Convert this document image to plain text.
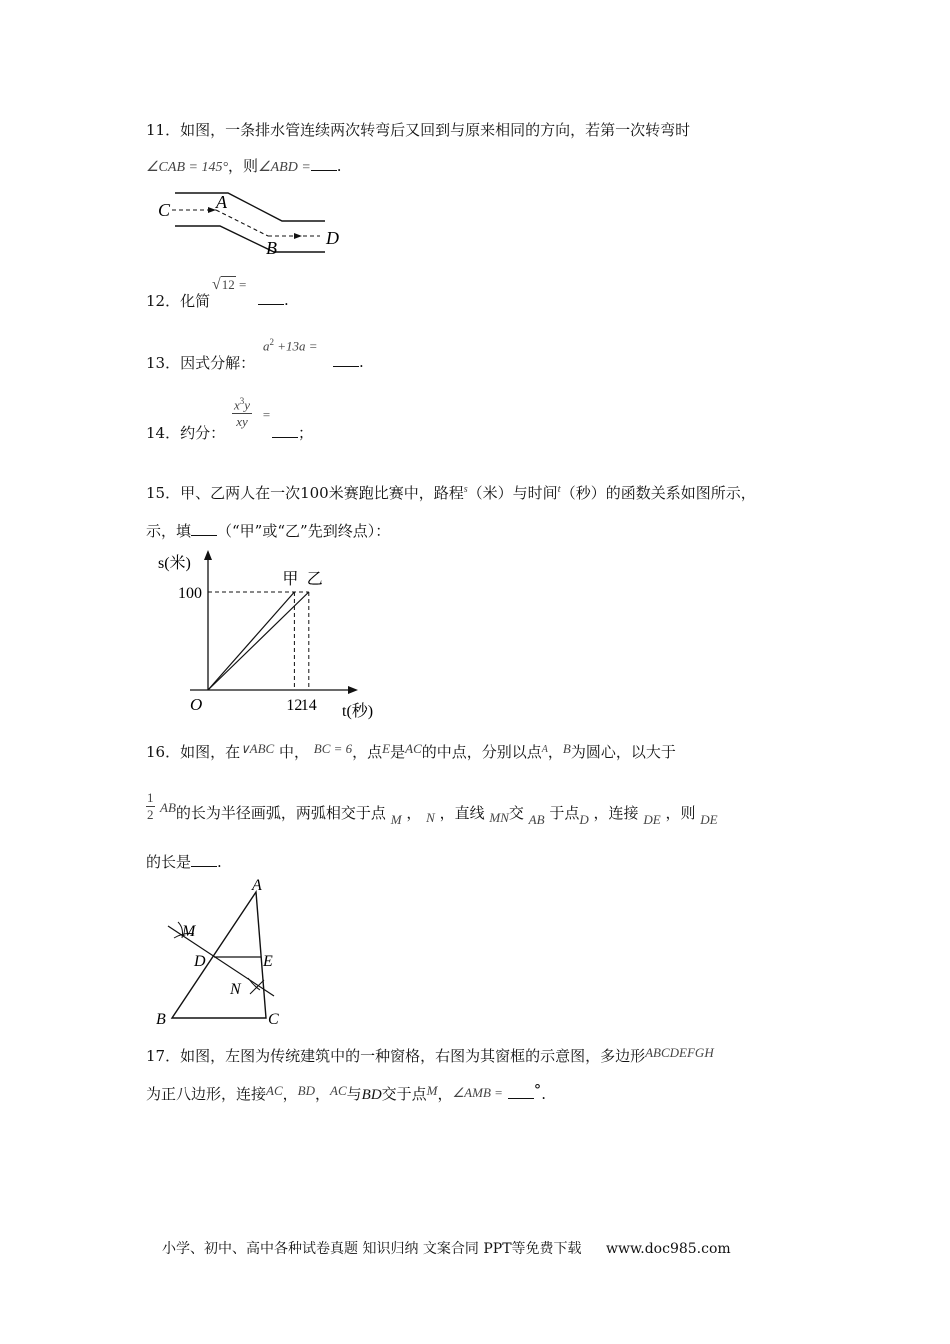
11．如图，一条排水管连续两次转弯后又回到与原来相同的方向，若第一次转弯时
∠CAB = 145°，则∠ABD = .
C	A
B	D
12．化简
√12 =
.
13．因式分解：
$a^2 +13a$ =
.
14．约分：
$\frac{x^3y}{xy}$ =
；
15．甲、乙两人在一次100米赛跑比赛中，路程$^s$（米）与时间$^t$（秒）的函数关系如图所示，
示，填 （“甲”或“乙”先到终点）：
s(米)
t(秒)
O
100
12
14
甲 乙
16．如图，在∨ABC 中， BC = 6，点E是AC的中点，分别以点$^A$，B为圆心，以大于
1
2 AB的长为半径画弧，两弧相交于点 M ， N ，直线 MN交 AB 于点D ，连接 DE ，则 DE
的长是 .
A
B	C
D	E
M
N
17．如图，左图为传统建筑中的一种窗格，右图为其窗框的示意图，多边形ABCDEFGH
为正八边形，连接AC，BD，AC与BD交于点M，∠AMB = °.
小学、初中、高中各种试卷真题 知识归纳 文案合同 PPT等免费下载 www.doc985.com
